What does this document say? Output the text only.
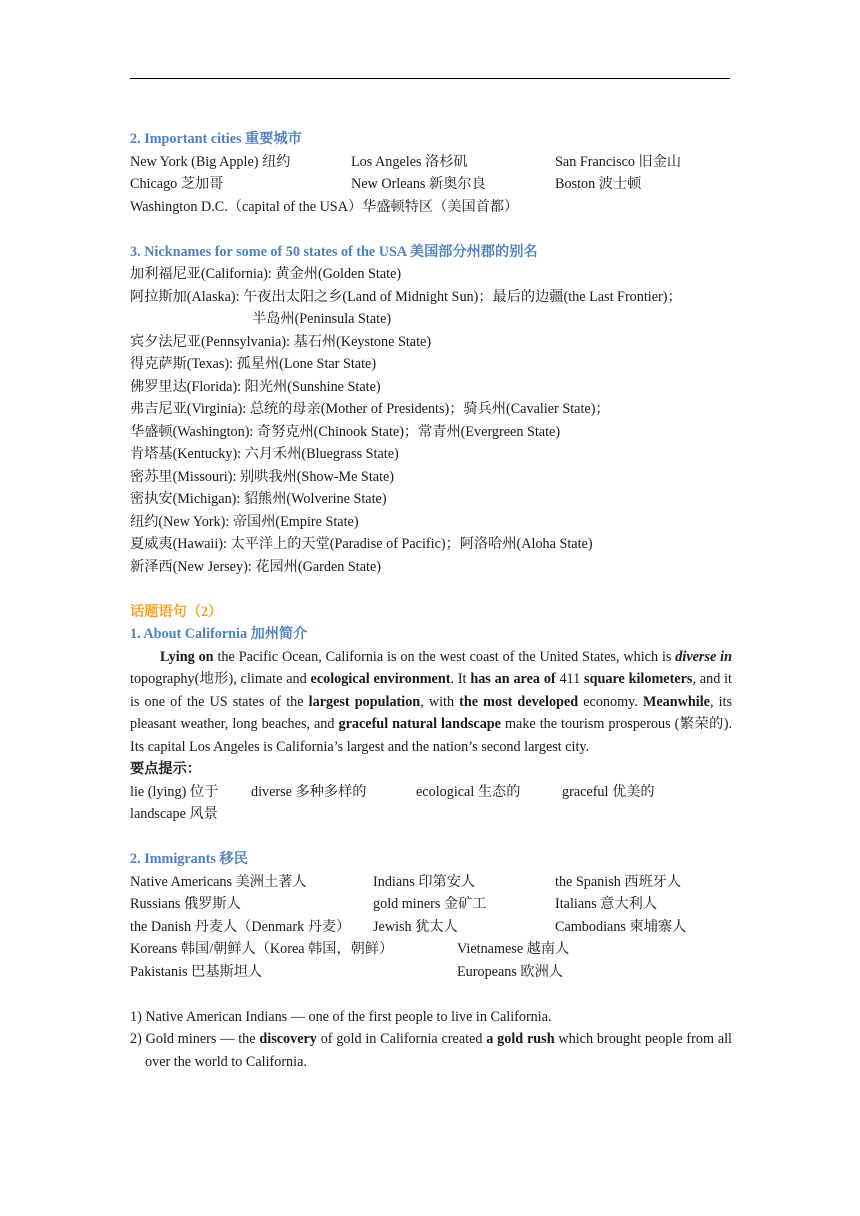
2. Important cities 重要城市
New York (Big Apple) 纽约	Los Angeles 洛杉矶	San Francisco 旧金山
Chicago 芝加哥	New Orleans 新奥尔良	Boston 波士顿
Washington D.C.（capital of the USA）华盛顿特区（美国首都）
3. Nicknames for some of 50 states of the USA 美国部分州郡的别名
加利福尼亚(California): 黄金州(Golden State)
阿拉斯加(Alaska): 午夜出太阳之乡(Land of Midnight Sun)；最后的边疆(the Last Frontier)；
半岛州(Peninsula State)
宾夕法尼亚(Pennsylvania): 基石州(Keystone State)
得克萨斯(Texas): 孤星州(Lone Star State)
佛罗里达(Florida): 阳光州(Sunshine State)
弗吉尼亚(Virginia): 总统的母亲(Mother of Presidents)；骑兵州(Cavalier State)；
华盛顿(Washington): 奇努克州(Chinook State)；常青州(Evergreen State)
肯塔基(Kentucky): 六月禾州(Bluegrass State)
密苏里(Missouri): 别哄我州(Show-Me State)
密执安(Michigan): 貂熊州(Wolverine State)
纽约(New York): 帝国州(Empire State)
夏威夷(Hawaii): 太平洋上的天堂(Paradise of Pacific)；阿洛哈州(Aloha State)
新泽西(New Jersey): 花园州(Garden State)
话题语句（2）
1. About California 加州简介

Lying on the Pacific Ocean, California is on the west coast of the United States, which is diverse in topography(地形), climate and ecological environment. It has an area of 411 square kilometers, and it is one of the US states of the largest population, with the most developed economy. Meanwhile, its pleasant weather, long beaches, and graceful natural landscape make the tourism prosperous (繁荣的). Its capital Los Angeles is California’s largest and the nation’s second largest city.

要点提示：
lie (lying) 位于 diverse 多种多样的	ecological 生态的	graceful 优美的
landscape 风景
2. Immigrants 移民
Native Americans 美洲土著人	Indians 印第安人	the Spanish 西班牙人
Russians 俄罗斯人	gold miners 金矿工	Italians 意大利人
the Danish 丹麦人（Denmark 丹麦） Jewish 犹太人	Cambodians 柬埔寨人
Koreans 韩国/朝鲜人（Korea 韩国，朝鲜）	Vietnamese 越南人
Pakistanis 巴基斯坦人	Europeans 欧洲人
1) Native American Indians — one of the first people to live in California.
2) Gold miners — the discovery of gold in California created a gold rush which brought people from all over the world to California.
